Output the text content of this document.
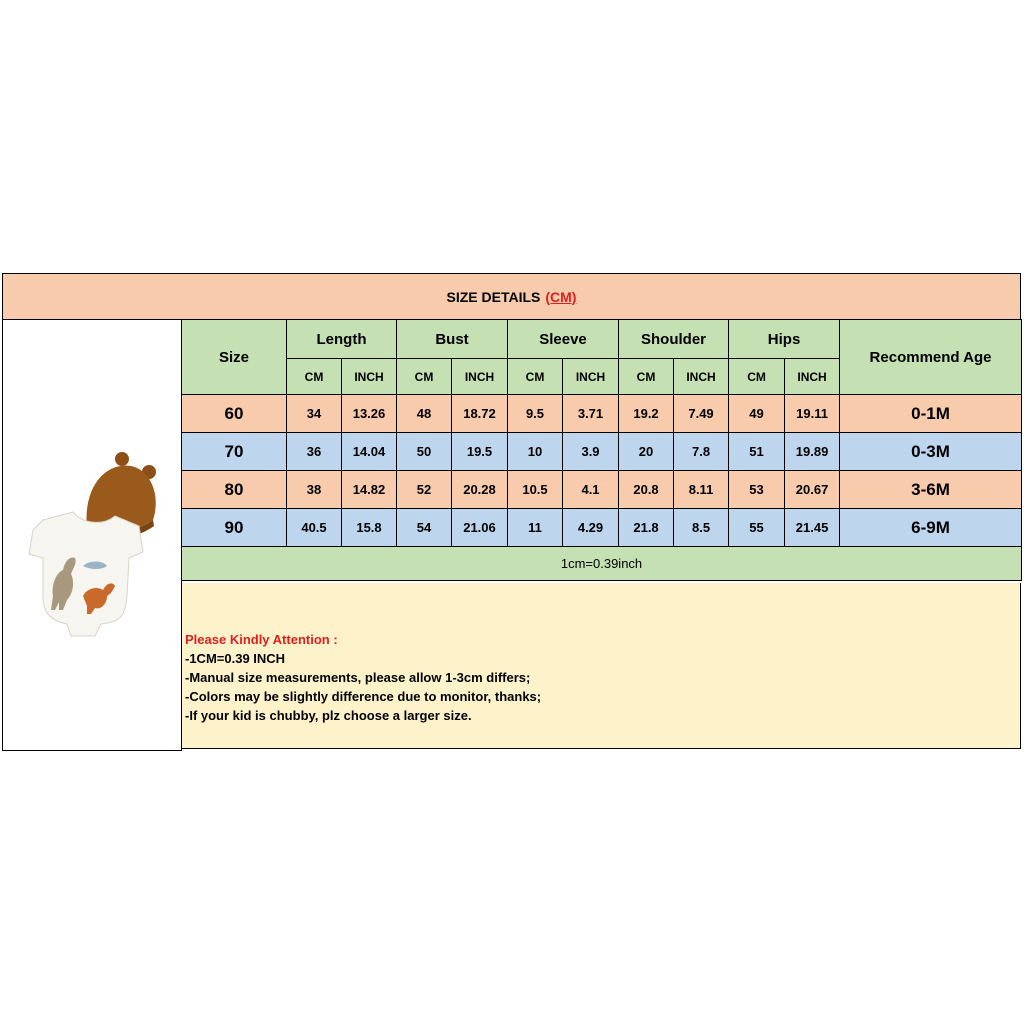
SIZE DETAILS (CM)
Size	Length		Bust		Sleeve		Shoulder		Hips		Recommend Age
	CM	INCH	CM	INCH	CM	INCH	CM	INCH	CM	INCH	
60	34	13.26	48	18.72	9.5	3.71	19.2	7.49	49	19.11	0-1M
70	36	14.04	50	19.5	10	3.9	20	7.8	51	19.89	0-3M
80	38	14.82	52	20.28	10.5	4.1	20.8	8.11	53	20.67	3-6M
90	40.5	15.8	54	21.06	11	4.29	21.8	8.5	55	21.45	6-9M
1cm=0.39inch											
Please Kindly Attention :
-1CM=0.39 INCH
-Manual size measurements, please allow 1-3cm differs;
-Colors may be slightly difference due to monitor, thanks;
-If your kid is chubby, plz choose a larger size.
